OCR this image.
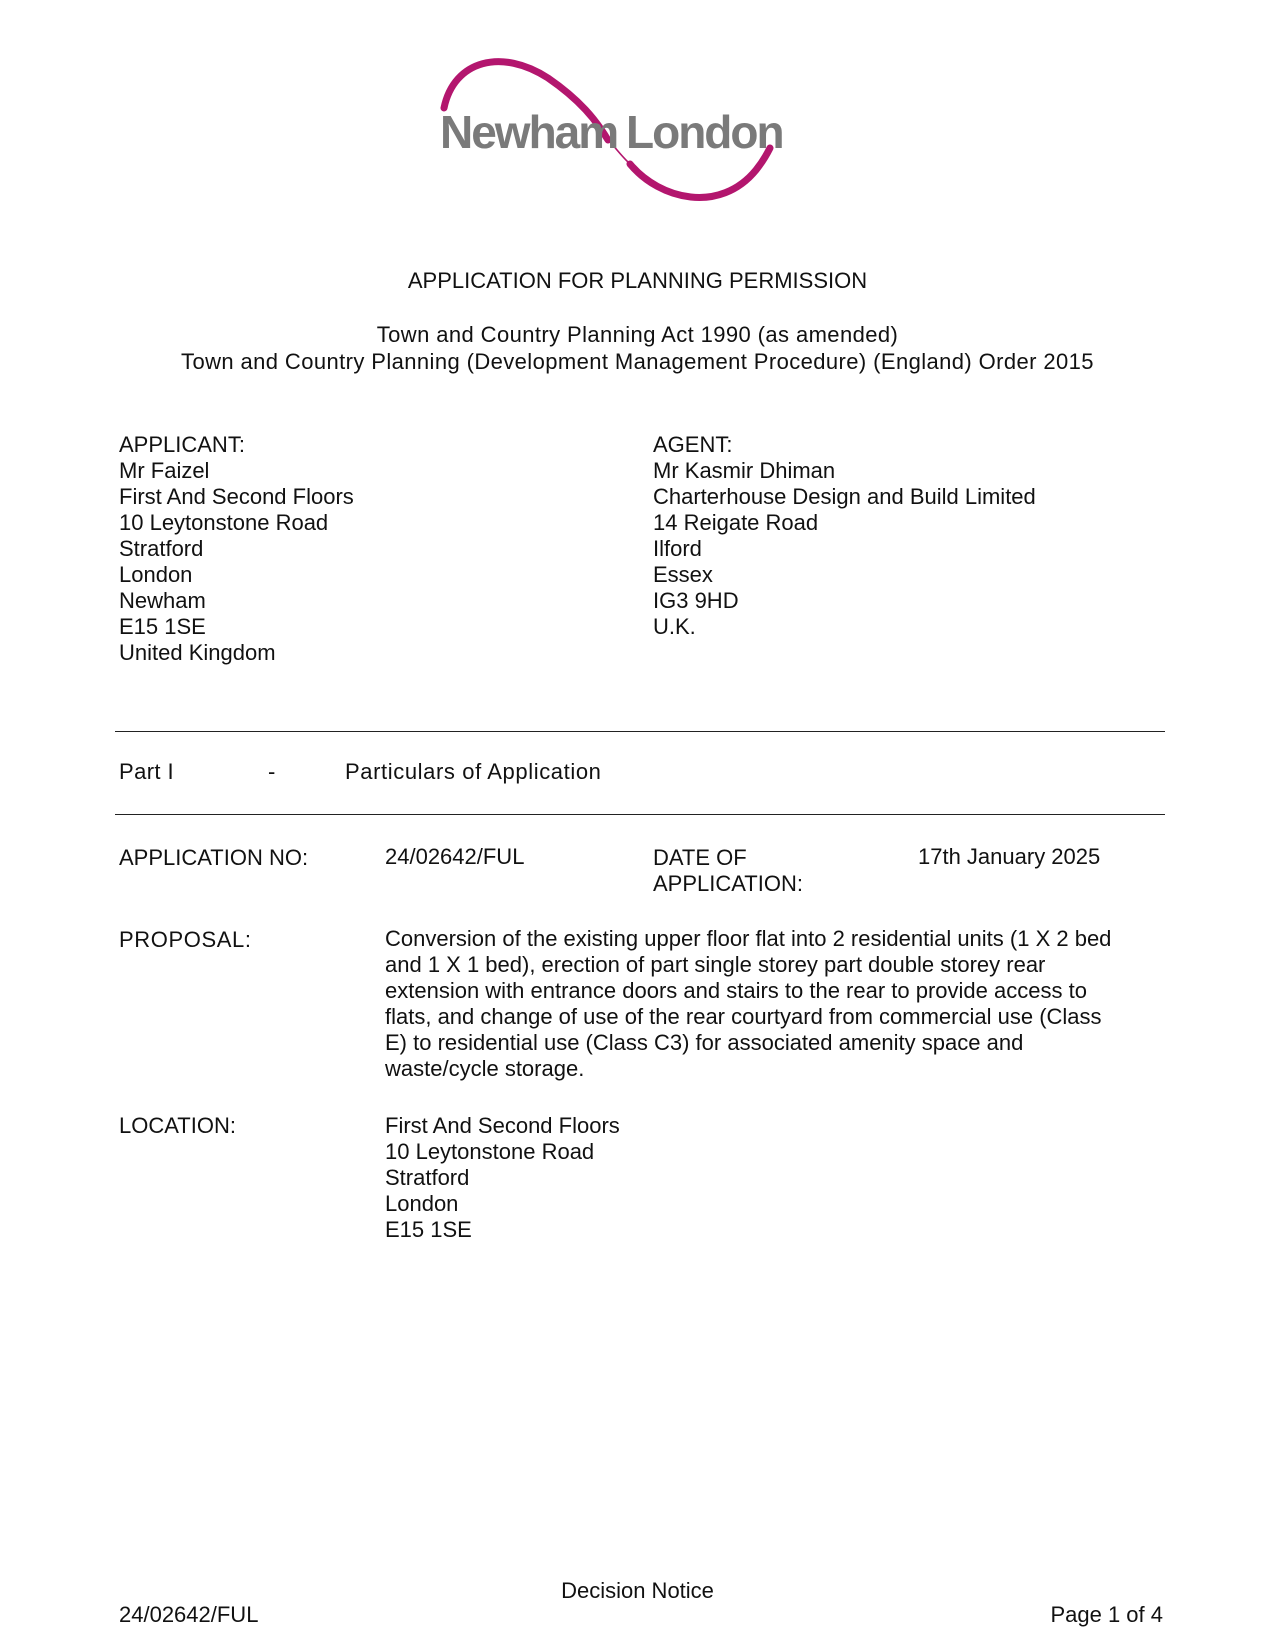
Newham London
APPLICATION FOR PLANNING PERMISSION
Town and Country Planning Act 1990 (as amended)
Town and Country Planning (Development Management Procedure) (England) Order 2015
APPLICANT:
Mr Faizel
First And Second Floors
10 Leytonstone Road
Stratford
London
Newham
E15 1SE
United Kingdom
AGENT:
Mr Kasmir Dhiman
Charterhouse Design and Build Limited
14 Reigate Road
Ilford
Essex
IG3 9HD
U.K.
Part I	-	Particulars of Application
APPLICATION NO:	24/02642/FUL	DATE OF
APPLICATION:
17th January 2025
PROPOSAL:	Conversion of the existing upper floor flat into 2 residential units (1 X 2 bed
and 1 X 1 bed), erection of part single storey part double storey rear
extension with entrance doors and stairs to the rear to provide access to
flats, and change of use of the rear courtyard from commercial use (Class
E) to residential use (Class C3) for associated amenity space and
waste/cycle storage.
LOCATION:	First And Second Floors
10 Leytonstone Road
Stratford
London
E15 1SE
Decision Notice
24/02642/FUL	Page 1 of 4
